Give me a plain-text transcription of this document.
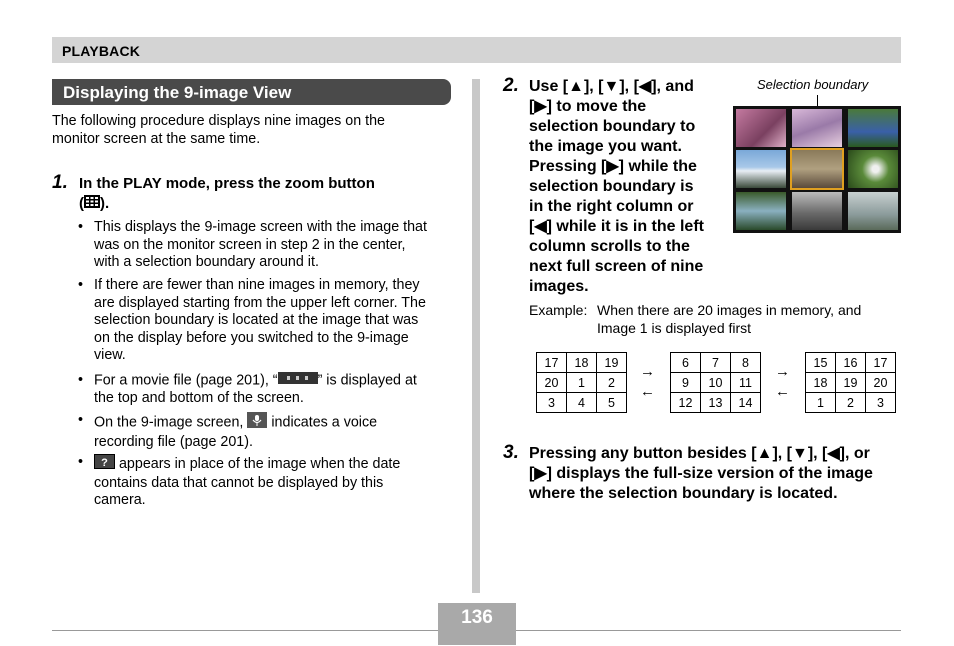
PLAYBACK
Displaying the 9-image View
The following procedure displays nine images on the
monitor screen at the same time.
1. In the PLAY mode, press the zoom button
( ).
• This displays the 9-image screen with the image that
was on the monitor screen in step 2 in the center,
with a selection boundary around it.
• If there are fewer than nine images in memory, they
are displayed starting from the upper left corner. The
selection boundary is located at the image that was
on the display before you switched to the 9-image
view.
• For a movie file (page 201), “	” is displayed at
the top and bottom of the screen.
• On the 9-image screen, indicates a voice
recording file (page 201).
• ? appears in place of the image when the date
contains data that cannot be displayed by this
camera.
2. Use [▲], [▼], [◀], and
[▶] to move the
selection boundary to
the image you want.
Pressing [▶] while the
selection boundary is
in the right column or
[◀] while it is in the left
column scrolls to the
next full screen of nine
images.
Selection boundary
Example: When there are 20 images in memory, and
Image 1 is displayed first
17	18	19
20	1	2
3	4	5
→
←
6	7	8
9	10	11
12	13	14
→
←
15	16	17
18	19	20
1	2	3
3. Pressing any button besides [▲], [▼], [◀], or
[▶] displays the full-size version of the image
where the selection boundary is located.
136
